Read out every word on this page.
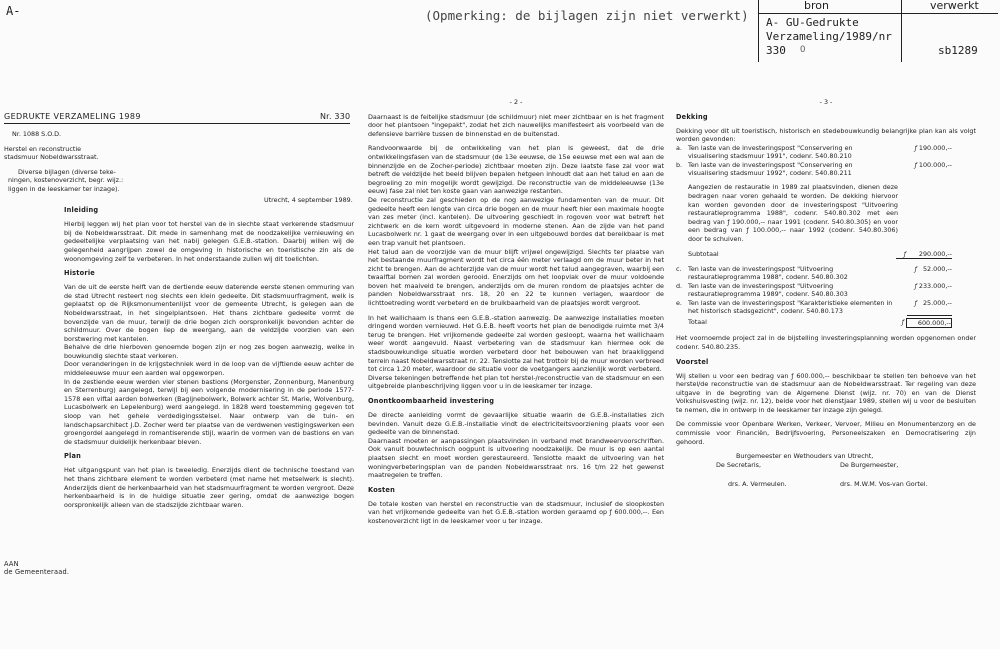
A-	(Opmerking: de bijlagen zijn niet verwerkt)
bron	verwerkt
A- GU-Gedrukte Verzameling/1989/nr 330	O	sb1289
GEDRUKTE VERZAMELING 1989	Nr. 330

Nr. 1088 S.O.D.

Herstel en reconstructie

stadsmuur Nobeldwarsstraat.

Diverse bijlagen (diverse teke-

ningen, kostenoverzicht, begr. wijz.:

liggen in de leeskamer ter inzage).

Utrecht, 4 september 1989.

Inleiding

Hierbij leggen wij het plan voor tot herstel van de in slechte staat verkerende stadsmuur bij de Nobeldwarsstraat. Dit mede in samenhang met de noodzakelijke vernieuwing en gedeeltelijke verplaatsing van het nabij gelegen G.E.B.-station. Daarbij willen wij de gelegenheid aangrijpen zowel de omgeving in historische en toeristische zin als de woonomgeving zelf te verbeteren. In het onderstaande zullen wij dit toelichten.

Historie

Van de uit de eerste helft van de dertiende eeuw daterende eerste stenen ommuring van de stad Utrecht resteert nog slechts een klein gedeelte. Dit stadsmuurfragment, welk is geplaatst op de Rijksmonumentenlijst voor de gemeente Utrecht, is gelegen aan de Nobeldwarsstraat, in het singelplantsoen. Het thans zichtbare gedeelte vormt de bovenzijde van de muur, terwijl de drie bogen zich oorspronkelijk bevonden achter de schildmuur. Over de bogen liep de weergang, aan de veldzijde voorzien van een borstwering met kantelen.

Behalve de drie hierboven genoemde bogen zijn er nog zes bogen aanwezig, welke in bouwkundig slechte staat verkeren.

Door veranderingen in de krijgstechniek werd in de loop van de vijftiende eeuw achter de middeleeuwse muur een aarden wal opgeworpen.

In de zestiende eeuw werden vier stenen bastions (Morgenster, Zonnenburg, Manenburg en Sterrenburg) aangelegd, terwijl bij een volgende modernisering in de periode 1577-1578 een viftal aarden bolwerken (Bagijnebolwerk, Bolwerk achter St. Marie, Wolvenburg, Lucasbolwerk en Lepelenburg) werd aangelegd. In 1828 werd toestemming gegeven tot sloop van het gehele verdedigingsstelsel. Naar ontwerp van de tuin- en landschapsarchitect J.D. Zocher werd ter plaatse van de verdwenen vestigingswerken een groengordel aangelegd in romantiserende stijl, waarin de vormen van de bastions en van de stadsmuur duidelijk herkenbaar bleven.

Plan

Het uitgangspunt van het plan is tweeledig. Enerzijds dient de technische toestand van het thans zichtbare element te worden verbeterd (met name het metselwerk is slecht). Anderzijds dient de herkenbaarheid van het stadsmuurfragment te worden vergroot. Deze herkenbaarheid is in de huidige situatie zeer gering, omdat de aanwezige bogen oorspronkelijk alleen van de stadszijde zichtbaar waren.

AAN

de Gemeenteraad.

- 2 -

Daarnaast is de feitelijke stadsmuur (de schildmuur) niet meer zichtbaar en is het fragment door het plantsoen "ingepakt", zodat het zich nauwelijks manifesteert als voorbeeld van de defensieve barrière tussen de binnenstad en de buitenstad.

Randvoorwaarde bij de ontwikkeling van het plan is geweest, dat de drie ontwikkelingsfasen van de stadsmuur (de 13e eeuwse, de 15e eeuwse met een wal aan de binnenzijde en de Zocher-periode) zichtbaar moeten zijn. Deze laatste fase zal voor wat betreft de veldzijde het beeld blijven bepalen hetgeen inhoudt dat aan het talud en aan de begroeiing zo min mogelijk wordt gewijzigd. De reconstructie van de middeleeuwse (13e eeuw) fase zal niet ten koste gaan van aanwezige restanten.

De reconstructie zal geschieden op de nog aanwezige fundamenten van de muur. Dit gedeelte heeft een lengte van circa drie bogen en de muur heeft hier een maximale hoogte van zes meter (incl. kantelen). De uitvoering geschiedt in rogoven voor wat betreft het zichtwerk en de kern wordt uitgevoerd in moderne stenen. Aan de zijde van het pand Lucasbolwerk nr. 1 gaat de weergang over in een uitgebouwd bordes dat bereikbaar is met een trap vanuit het plantsoen.

Het talud aan de voorzijde van de muur blijft vrijwel ongewijzigd. Slechts ter plaatse van het bestaande muurfragment wordt het circa één meter verlaagd om de muur beter in het zicht te brengen. Aan de achterzijde van de muur wordt het talud aangegraven, waarbij een twaalftal bomen zal worden gerooid. Enerzijds om het loopvlak over de muur voldoende boven het maaiveld te brengen, anderzijds om de muren rondom de plaatsjes achter de panden Nobeldwarsstraat nrs. 18, 20 en 22 te kunnen verlagen, waardoor de lichttoetreding wordt verbeterd en de bruikbaarheid van de plaatsjes wordt vergroot.

In het wallichaam is thans een G.E.B.-station aanwezig. De aanwezige installaties moeten dringend worden vernieuwd. Het G.E.B. heeft voorts het plan de benodigde ruimte met 3/4 terug te brengen. Het vrijkomende gedeelte zal worden gesloopt, waarna het wallichaam weer wordt aangevuld. Naast verbetering van de stadsmuur kan hiermee ook de stadsbouwkundige situatie worden verbeterd door het bebouwen van het braakliggend terrein naast Nobeldwarsstraat nr. 22. Tenslotte zal het trottoir bij de muur worden verbreed tot circa 1.20 meter, waardoor de situatie voor de voetgangers aanzienlijk wordt verbeterd.

Diverse tekeningen betreffende het plan tot herstel-/reconstructie van de stadsmuur en een uitgebreide planbeschrijving liggen voor u in de leeskamer ter inzage.

Onontkoombaarheid investering

De directe aanleiding vormt de gevaarlijke situatie waarin de G.E.B.-installaties zich bevinden. Vanuit deze G.E.B.-installatie vindt de electriciteitsvoorziening plaats voor een gedeelte van de binnenstad.

Daarnaast moeten er aanpassingen plaatsvinden in verband met brandweervoorschriften. Ook vanuit bouwtechnisch oogpunt is uitvoering noodzakelijk. De muur is op een aantal plaatsen slecht en moet worden gerestaureerd. Tenslotte maakt de uitvoering van het woningverbeteringsplan van de panden Nobeldwarsstraat nrs. 16 t/m 22 het gewenst maatregelen te treffen.

Kosten

De totale kosten van herstel en reconstructie van de stadsmuur, inclusief de sloopkosten van het vrijkomende gedeelte van het G.E.B.-station worden geraamd op ƒ 600.000,--. Een kostenoverzicht ligt in de leeskamer voor u ter inzage.

- 3 -

Dekking

Dekking voor dit uit toeristisch, historisch en stedebouwkundig belangrijke plan kan als volgt worden gevonden:

a.	Ten laste van de investeringspost "Conservering en visualisering stadsmuur 1991", codenr. 540.80.210	ƒ	190.000,--
b.	Ten laste van de investeringspost "Conservering en visualisering stadsmuur 1992", codenr. 540.80.211	ƒ	100.000,--

Aangezien de restauratie in 1989 zal plaatsvinden, dienen deze bedragen naar voren gehaald te worden. De dekking hiervoor kan worden gevonden door de investeringspost "Uitvoering restauratieprogramma 1988", codenr. 540.80.302 met een bedrag van ƒ 190.000,-- naar 1991 (codenr. 540.80.305) en voor een bedrag van ƒ 100.000,-- naar 1992 (codenr. 540.80.306) door te schuiven.

Subtotaal	ƒ	290.000,--
c.	Ten laste van de investeringspost "Uitvoering restauratieprogramma 1988", codenr. 540.80.302	ƒ	52.000,--
d.	Ten laste van de investeringspost "Uitvoering restauratieprogramma 1989", codenr. 540.80.303	ƒ	233.000,--
e.	Ten laste van de investeringspost "Karakteristieke elementen in het historisch stadsgezicht", codenr. 540.80.173	ƒ	25.000,--
Totaal	ƒ	600.000,--

Het voornoemde project zal in de bijstelling investeringsplanning worden opgenomen onder codenr. 540.80.235.

Voorstel

Wij stellen u voor een bedrag van ƒ 600.000,-- beschikbaar te stellen ten behoeve van het herstel/de reconstructie van de stadsmuur aan de Nobeldwarsstraat. Ter regeling van deze uitgave in de begroting van de Algemene Dienst (wijz. nr. 70) en van de Dienst Volkshuisvesting (wijz. nr. 12), beide voor het dienstjaar 1989, stellen wij u voor de besluiten te nemen, die in ontwerp in de leeskamer ter inzage zijn gelegd.

De commissie voor Openbare Werken, Verkeer, Vervoer, Milieu en Monumentenzorg en de commissie voor Financiën, Bedrijfsvoering, Personeelszaken en Democratisering zijn gehoord.

Burgemeester en Wethouders van Utrecht,

De Secretaris,	De Burgemeester,
drs. A. Vermeulen.	drs. M.W.M. Vos-van Gortel.
